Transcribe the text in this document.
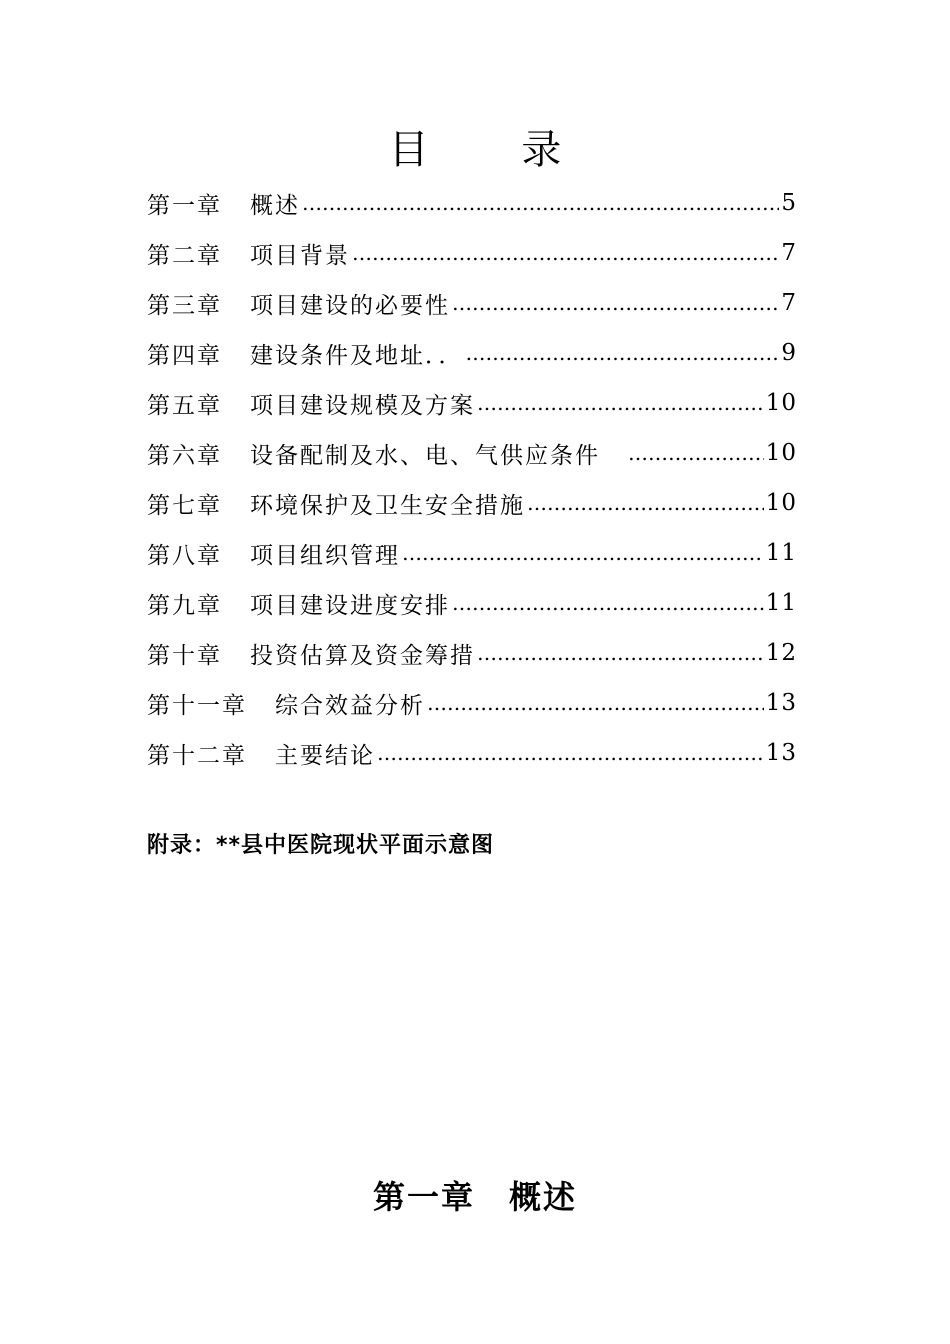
目 录
第一章 概述 ………………………………………………………………………………………………	5
第二章 项目背景 ………………………………………………………………………………………………	7
第三章 项目建设的必要性 ………………………………………………………………………………………………	7
第四章 建设条件及地址．． ………………………………………………………………………………………………	9
第五章 项目建设规模及方案 ………………………………………………………………………………………………	10
第六章 设备配制及水、电、气供应条件 ………………………………………………………………………………………………	10
第七章 环境保护及卫生安全措施 ………………………………………………………………………………………………	10
第八章 项目组织管理 ………………………………………………………………………………………………	11
第九章 项目建设进度安排 ………………………………………………………………………………………………	11
第十章 投资估算及资金筹措 ………………………………………………………………………………………………	12
第十一章 综合效益分析 ………………………………………………………………………………………………	13
第十二章 主要结论 ………………………………………………………………………………………………	13

附录：**县中医院现状平面示意图

第一章 概述
